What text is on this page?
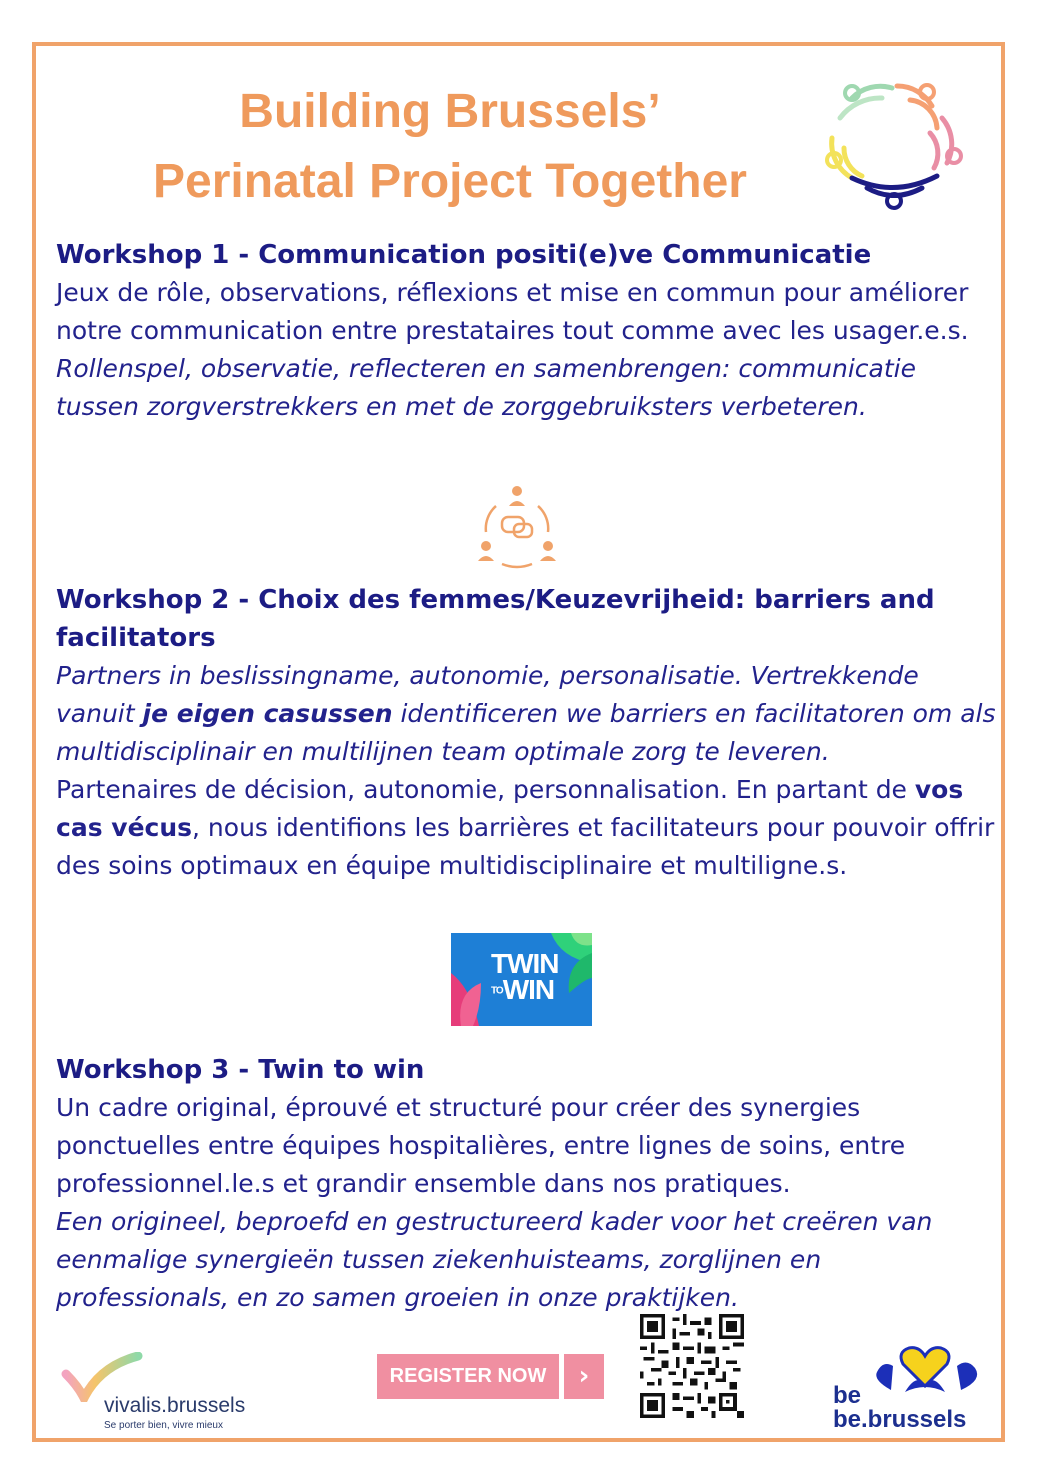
Building Brussels’
Perinatal Project Together
Workshop 1 - Communication positi(e)ve Communicatie
Jeux de rôle, observations, réflexions et mise en commun pour améliorer notre communication entre prestataires tout comme avec les usager.e.s.
Rollenspel, observatie, reflecteren en samenbrengen: communicatie tussen zorgverstrekkers en met de zorggebruiksters verbeteren.
Workshop 2 - Choix des femmes/Keuzevrijheid: barriers and facilitators
Partners in beslissingname, autonomie, personalisatie. Vertrekkende vanuit je eigen casussen identificeren we barriers en facilitatoren om als multidisciplinair en multilijnen team optimale zorg te leveren.
Partenaires de décision, autonomie, personnalisation. En partant de vos cas vécus, nous identifions les barrières et facilitateurs pour pouvoir offrir des soins optimaux en équipe multidisciplinaire et multiligne.s.
TWIN
TOWIN
Workshop 3 - Twin to win
Un cadre original, éprouvé et structuré pour créer des synergies ponctuelles entre équipes hospitalières, entre lignes de soins, entre professionnel.le.s et grandir ensemble dans nos pratiques.
Een origineel, beproefd en gestructureerd kader voor het creëren van eenmalige synergieën tussen ziekenhuisteams, zorglijnen en professionals, en zo samen groeien in onze praktijken.
vivalis.brussels
Se porter bien, vivre mieux
REGISTER NOW	›
be
be.brussels
